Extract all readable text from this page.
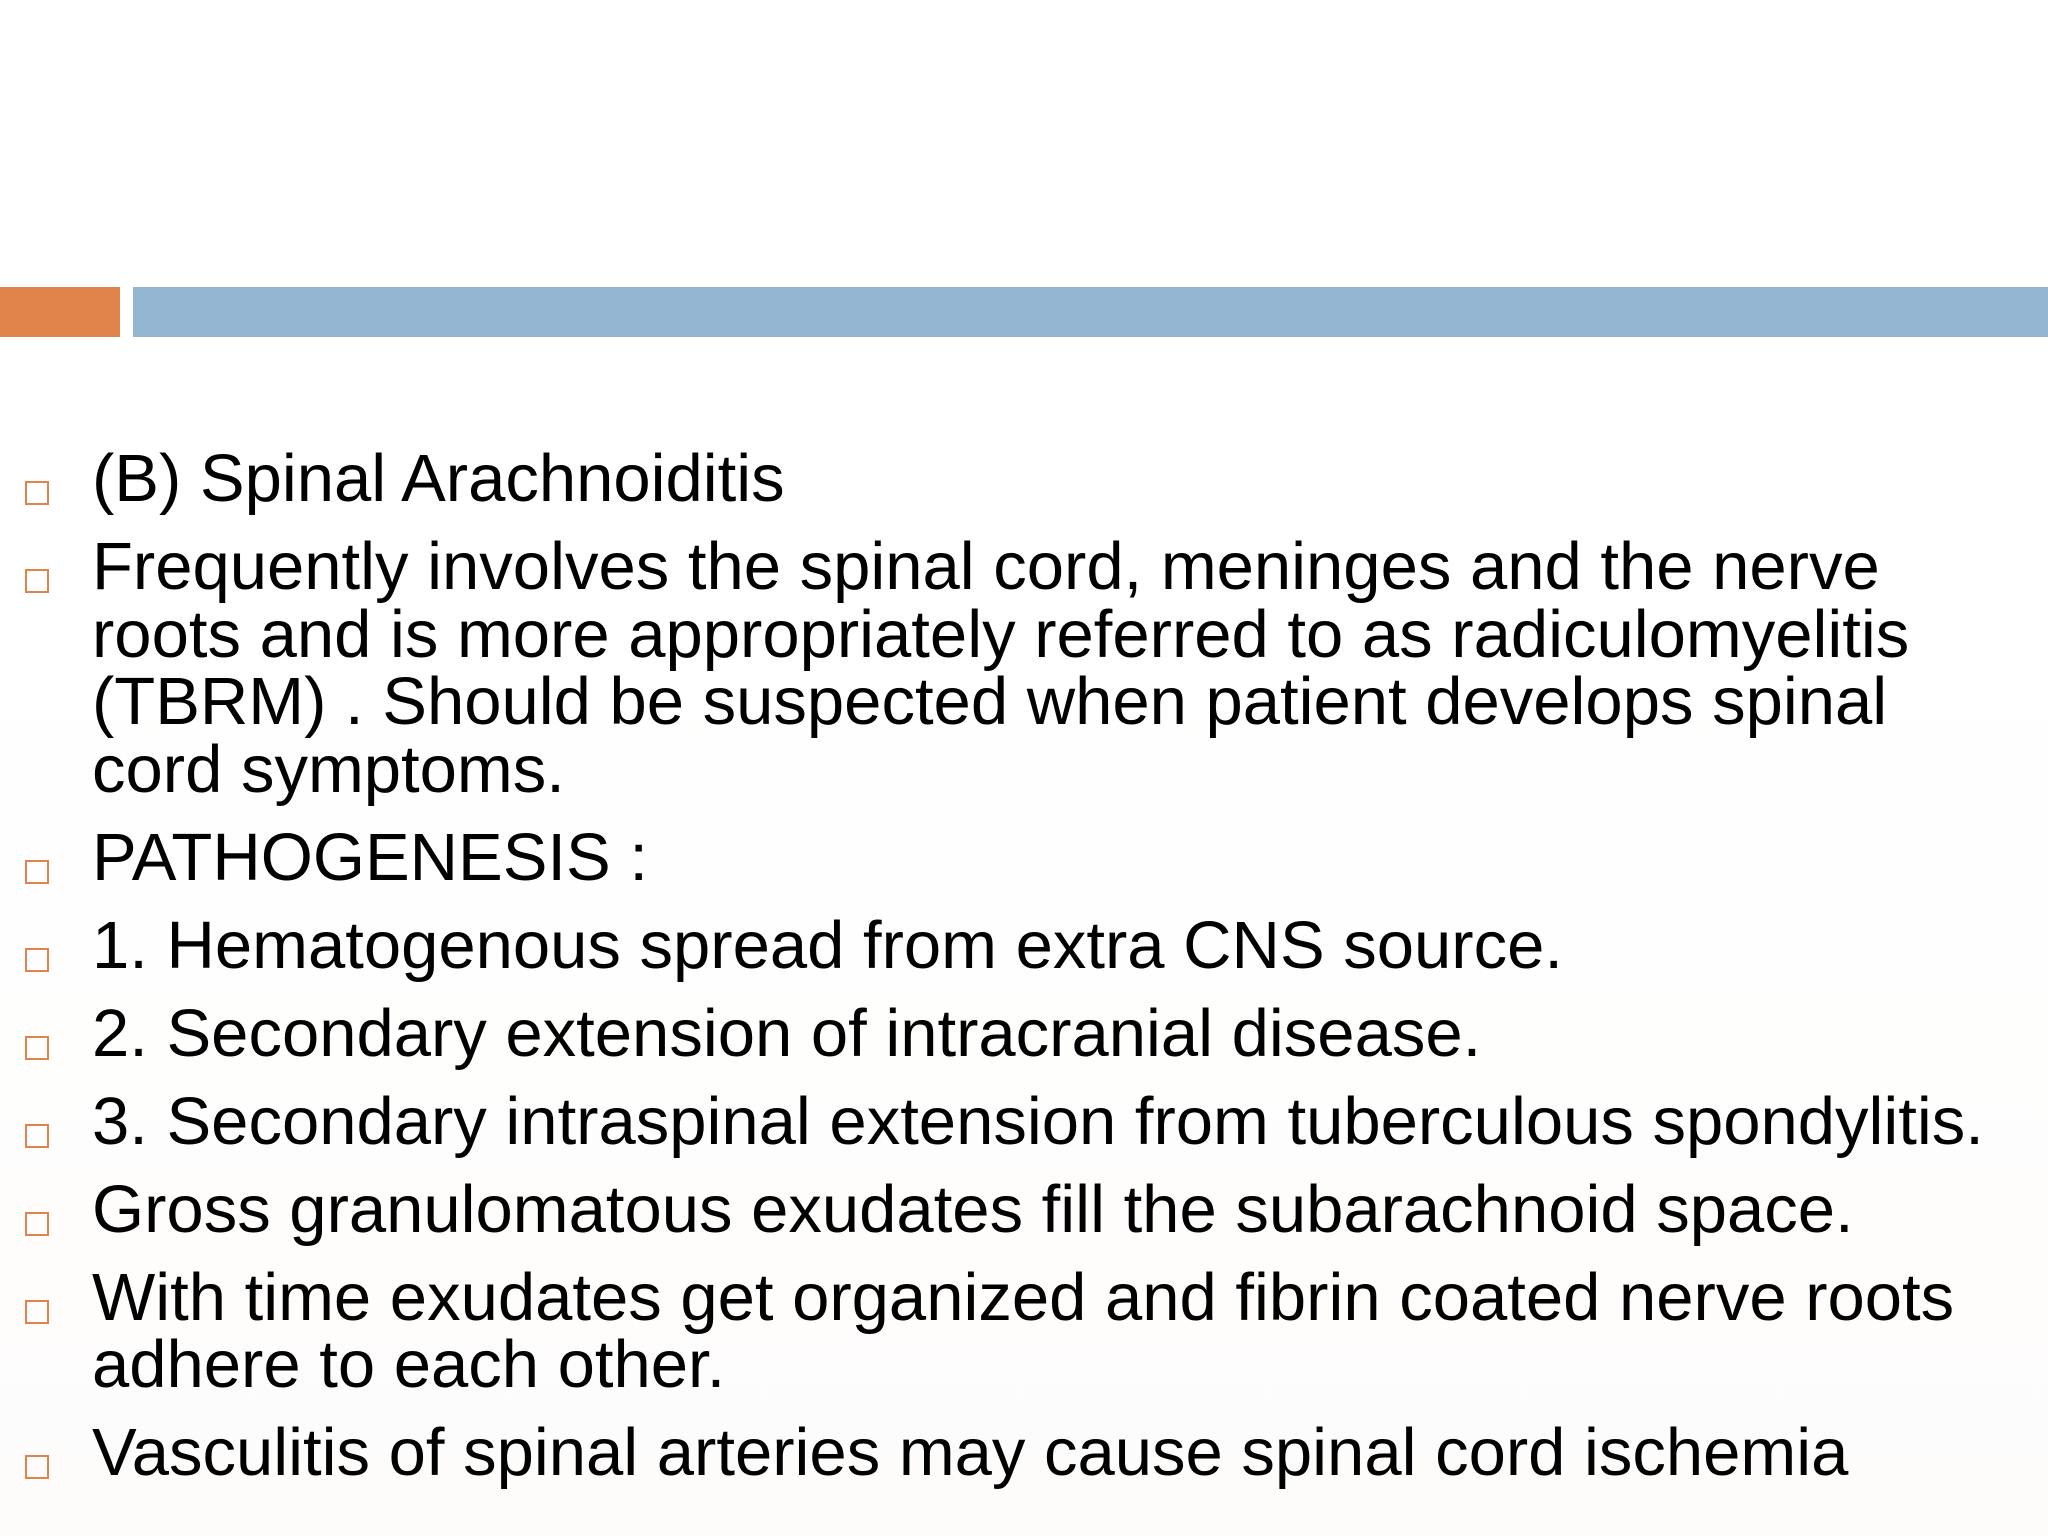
(B) Spinal Arachnoiditis
Frequently involves the spinal cord, meninges and the nerve roots and is more appropriately referred to as radiculomyelitis (TBRM) . Should be suspected when patient develops spinal cord symptoms.
PATHOGENESIS :
1. Hematogenous spread from extra CNS source.
2. Secondary extension of intracranial disease.
3. Secondary intraspinal extension from tuberculous spondylitis.
Gross granulomatous exudates fill the subarachnoid space.
With time exudates get organized and fibrin coated nerve roots adhere to each other.
Vasculitis of spinal arteries may cause spinal cord ischemia
